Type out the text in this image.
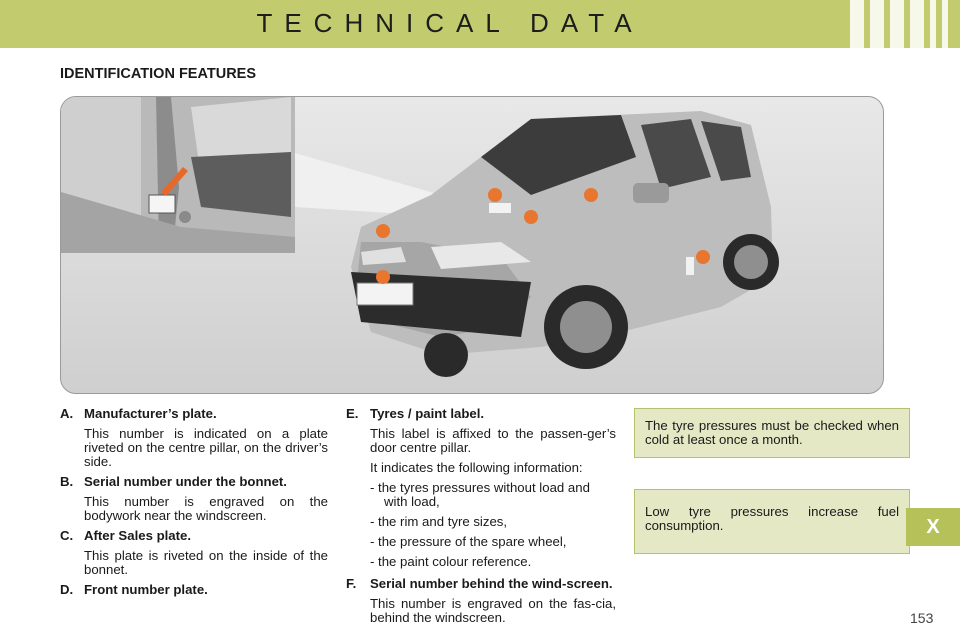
TECHNICAL DATA
IDENTIFICATION FEATURES

A. Manufacturer’s plate.

This number is indicated on a plate riveted on the centre pillar, on the driver’s side.

B. Serial number under the bonnet.

This number is engraved on the bodywork near the windscreen.

C. After Sales plate.

This plate is riveted on the inside of the bonnet.

D. Front number plate.

E. Tyres / paint label.

This label is affixed to the passen-ger’s door centre pillar.

It indicates the following information:

- the tyres pressures without load and with load,

- the rim and tyre sizes,

- the pressure of the spare wheel,

- the paint colour reference.

F.	Serial number behind the wind-screen.

This number is engraved on the fas-cia, behind the windscreen.

The tyre pressures must be checked when cold at least once a month.
Low tyre pressures increase fuel consumption.	X
153
